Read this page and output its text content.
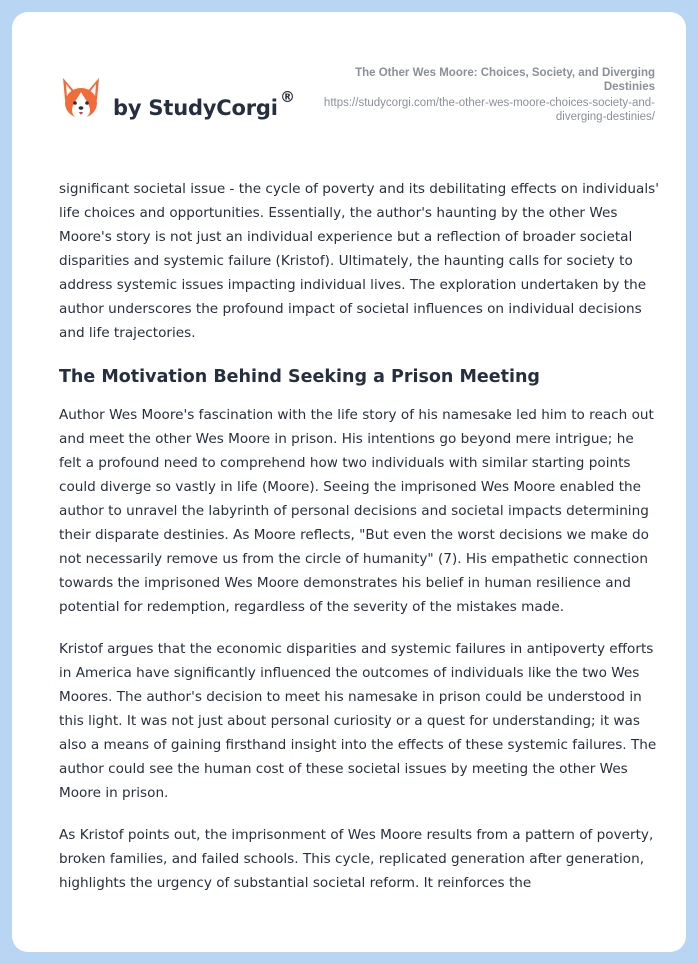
by StudyCorgi ®
The Other Wes Moore: Choices, Society, and Diverging Destinies
https://studycorgi.com/the-other-wes-moore-choices-society-and-diverging-destinies/

significant societal issue - the cycle of poverty and its debilitating effects on individuals' life choices and opportunities. Essentially, the author's haunting by the other Wes Moore's story is not just an individual experience but a reflection of broader societal disparities and systemic failure (Kristof). Ultimately, the haunting calls for society to address systemic issues impacting individual lives. The exploration undertaken by the author underscores the profound impact of societal influences on individual decisions and life trajectories.

The Motivation Behind Seeking a Prison Meeting

Author Wes Moore's fascination with the life story of his namesake led him to reach out and meet the other Wes Moore in prison. His intentions go beyond mere intrigue; he felt a profound need to comprehend how two individuals with similar starting points could diverge so vastly in life (Moore). Seeing the imprisoned Wes Moore enabled the author to unravel the labyrinth of personal decisions and societal impacts determining their disparate destinies. As Moore reflects, "But even the worst decisions we make do not necessarily remove us from the circle of humanity" (7). His empathetic connection towards the imprisoned Wes Moore demonstrates his belief in human resilience and potential for redemption, regardless of the severity of the mistakes made.

Kristof argues that the economic disparities and systemic failures in antipoverty efforts in America have significantly influenced the outcomes of individuals like the two Wes Moores. The author's decision to meet his namesake in prison could be understood in this light. It was not just about personal curiosity or a quest for understanding; it was also a means of gaining firsthand insight into the effects of these systemic failures. The author could see the human cost of these societal issues by meeting the other Wes Moore in prison.

As Kristof points out, the imprisonment of Wes Moore results from a pattern of poverty, broken families, and failed schools. This cycle, replicated generation after generation, highlights the urgency of substantial societal reform. It reinforces the
